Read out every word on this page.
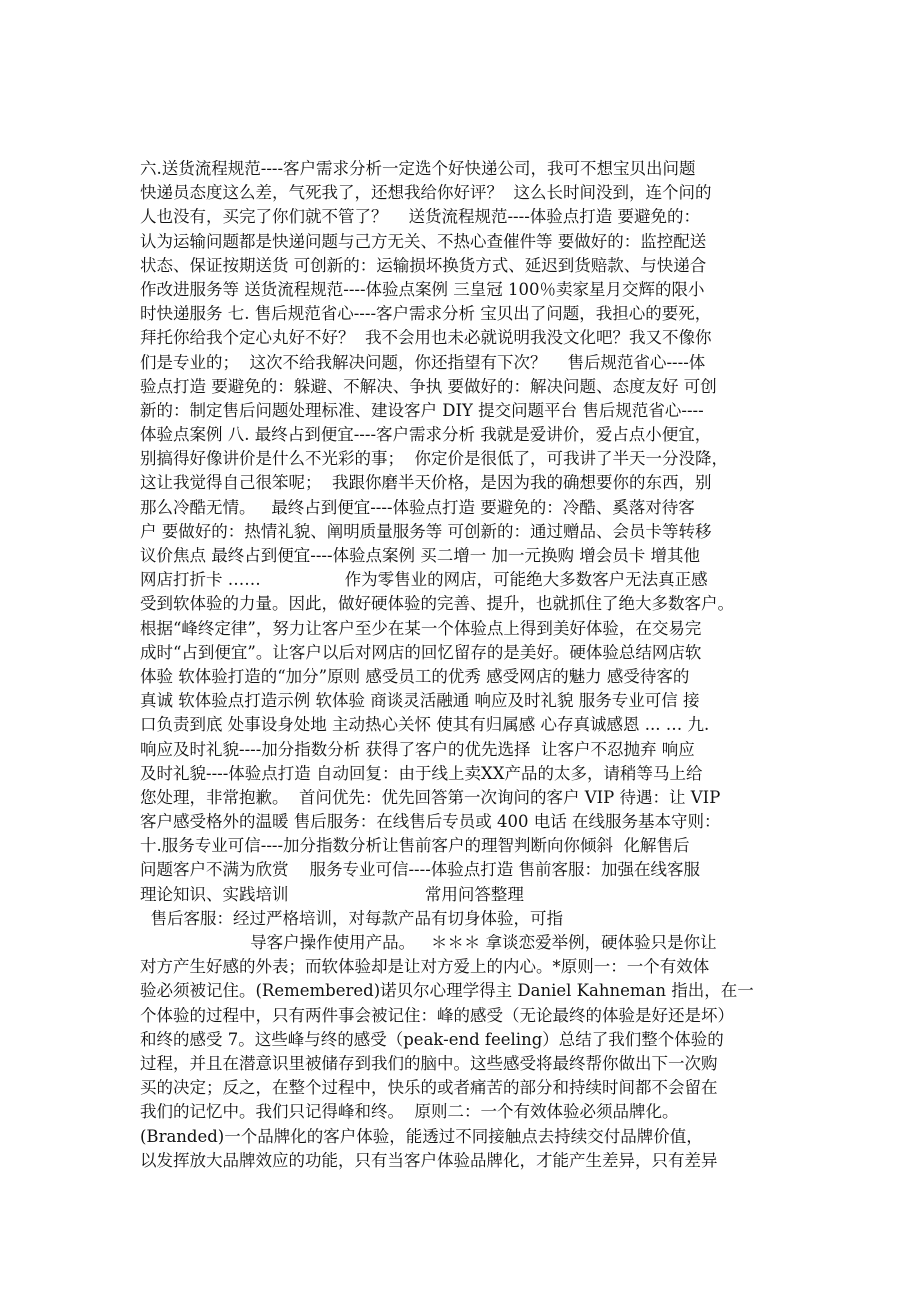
六.送货流程规范----客户需求分析一定选个好快递公司，我可不想宝贝出问题
快递员态度这么差，气死我了，还想我给你好评？  这么长时间没到，连个问的
人也没有，买完了你们就不管了？    送货流程规范----体验点打造 要避免的：
认为运输问题都是快递问题与己方无关、不热心查催件等 要做好的：监控配送
状态、保证按期送货 可创新的：运输损坏换货方式、延迟到货赔款、与快递合
作改进服务等 送货流程规范----体验点案例 三皇冠 100％卖家星月交辉的限小
时快递服务 七. 售后规范省心----客户需求分析 宝贝出了问题，我担心的要死，
拜托你给我个定心丸好不好？  我不会用也未必就说明我没文化吧？我又不像你
们是专业的；  这次不给我解决问题，你还指望有下次？    售后规范省心----体
验点打造 要避免的：躲避、不解决、争执 要做好的：解决问题、态度友好 可创
新的：制定售后问题处理标准、建设客户 DIY 提交问题平台 售后规范省心----
体验点案例 八. 最终占到便宜----客户需求分析 我就是爱讲价，爱占点小便宜，
别搞得好像讲价是什么不光彩的事；  你定价是很低了，可我讲了半天一分没降，
这让我觉得自己很笨呢；  我跟你磨半天价格，是因为我的确想要你的东西，别
那么冷酷无情。   最终占到便宜----体验点打造 要避免的：冷酷、奚落对待客
户 要做好的：热情礼貌、阐明质量服务等 可创新的：通过赠品、会员卡等转移
议价焦点 最终占到便宜----体验点案例 买二增一 加一元换购 增会员卡 增其他
网店打折卡 ……                作为零售业的网店，可能绝大多数客户无法真正感
受到软体验的力量。因此，做好硬体验的完善、提升，也就抓住了绝大多数客户。
根据“峰终定律”，努力让客户至少在某一个体验点上得到美好体验，在交易完
成时“占到便宜”。让客户以后对网店的回忆留存的是美好。硬体验总结网店软
体验 软体验打造的“加分”原则 感受员工的优秀 感受网店的魅力 感受待客的
真诚 软体验点打造示例 软体验 商谈灵活融通 响应及时礼貌 服务专业可信 接
口负责到底 处事设身处地 主动热心关怀 使其有归属感 心存真诚感恩 ... … 九.
响应及时礼貌----加分指数分析 获得了客户的优先选择  让客户不忍抛弃 响应
及时礼貌----体验点打造 自动回复：由于线上卖XX产品的太多，请稍等马上给
您处理，非常抱歉。  首问优先：优先回答第一次询问的客户 VIP 待遇：让 VIP
客户感受格外的温暖 售后服务：在线售后专员或 400 电话 在线服务基本守则：
十.服务专业可信----加分指数分析让售前客户的理智判断向你倾斜  化解售后
问题客户不满为欣赏    服务专业可信----体验点打造 售前客服：加强在线客服
理论知识、实践培训                          常用问答整理
售后客服：经过严格培训，对每款产品有切身体验，可指
导客户操作使用产品。   ＊＊＊ 拿谈恋爱举例，硬体验只是你让
对方产生好感的外表；而软体验却是让对方爱上的内心。*原则一：一个有效体
验必须被记住。(Remembered)诺贝尔心理学得主 Daniel Kahneman 指出，在一
个体验的过程中，只有两件事会被记住：峰的感受（无论最终的体验是好还是坏）
和终的感受 7。这些峰与终的感受（peak-end feeling）总结了我们整个体验的
过程，并且在潜意识里被储存到我们的脑中。这些感受将最终帮你做出下一次购
买的决定；反之，在整个过程中，快乐的或者痛苦的部分和持续时间都不会留在
我们的记忆中。我们只记得峰和终。  原则二：一个有效体验必须品牌化。
(Branded)一个品牌化的客户体验，能透过不同接触点去持续交付品牌价值，
以发挥放大品牌效应的功能，只有当客户体验品牌化，才能产生差异，只有差异
